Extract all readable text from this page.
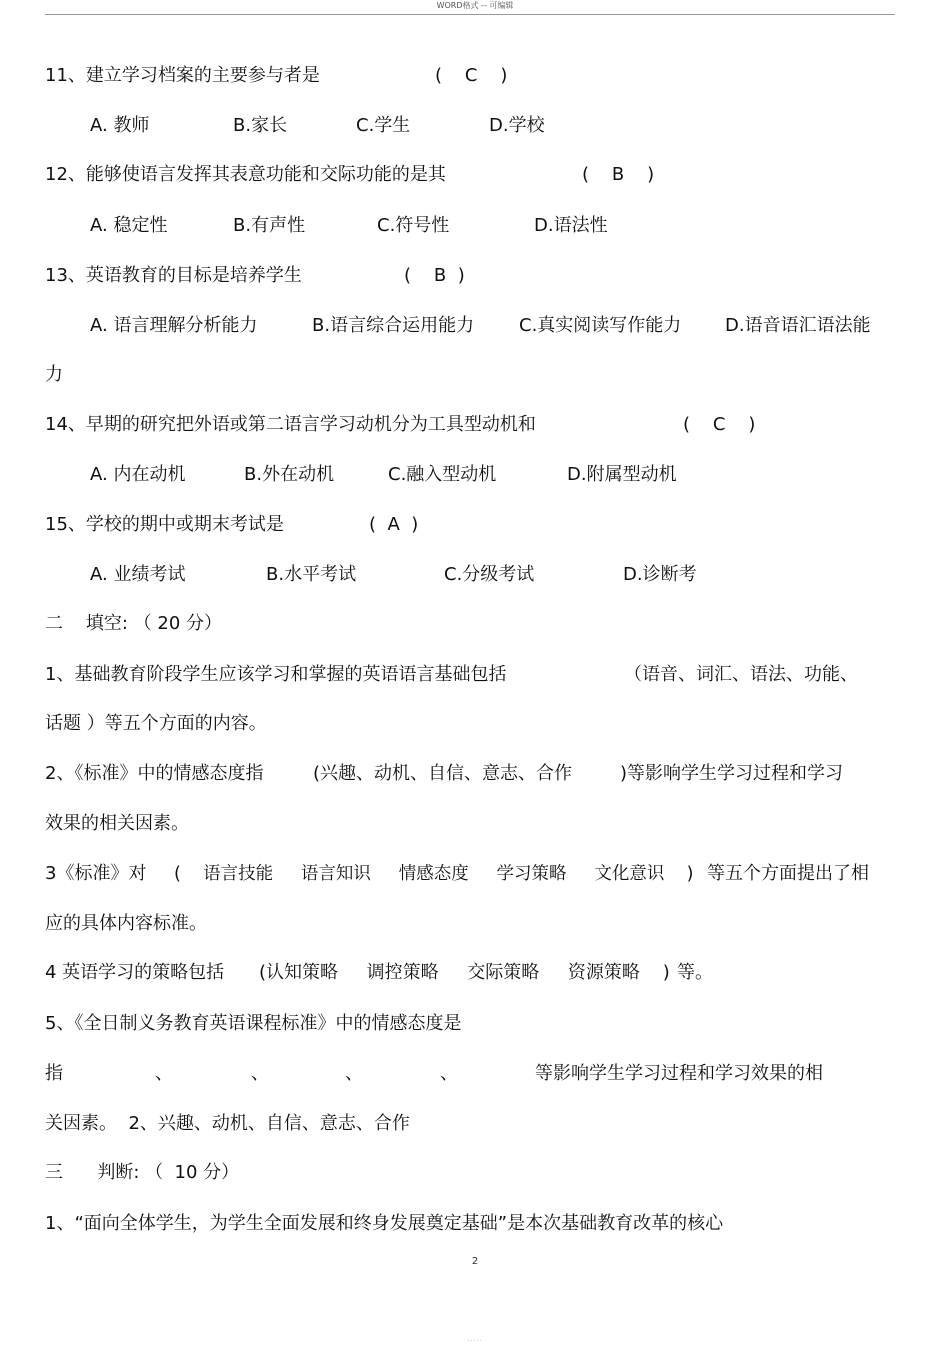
WORD格式 -- 可编辑
11、建立学习档案的主要参与者是	(    C    )
A. 教师	B.家长	C.学生	D.学校
12、能够使语言发挥其表意功能和交际功能的是其	(    B    )
A. 稳定性	B.有声性	C.符号性	D.语法性
13、英语教育的目标是培养学生	(    B  )
A. 语言理解分析能力	B.语言综合运用能力 C.真实阅读写作能力 D.语音语汇语法能
力
14、早期的研究把外语或第二语言学习动机分为工具型动机和	(    C    )
A. 内在动机	B.外在动机	C.融入型动机	D.附属型动机
15、学校的期中或期末考试是	(  A  )
A. 业绩考试	B.水平考试	C.分级考试	D.诊断考
二    填空: （ 20 分）
1、基础教育阶段学生应该学习和掌握的英语语言基础包括	（语音、词汇、语法、功能、
话题 ）等五个方面的内容。
2、《标准》中的情感态度指	(兴趣、动机、自信、意志、合作	)等影响学生学习过程和学习
效果的相关因素。
3《标准》对 (    语言技能     语言知识     情感态度     学习策略     文化意识    ) 等五个方面提出了相
应的具体内容标准。
4 英语学习的策略包括 (认知策略     调控策略     交际策略     资源策略    ) 等。
5、《全日制义务教育英语课程标准》中的情感态度是
指	、	、	、	、	等影响学生学习过程和学习效果的相
关因素。  2、兴趣、动机、自信、意志、合作
三      判断: （  10 分）
1、“面向全体学生，为学生全面发展和终身发展奠定基础”是本次基础教育改革的核心
2
.....
